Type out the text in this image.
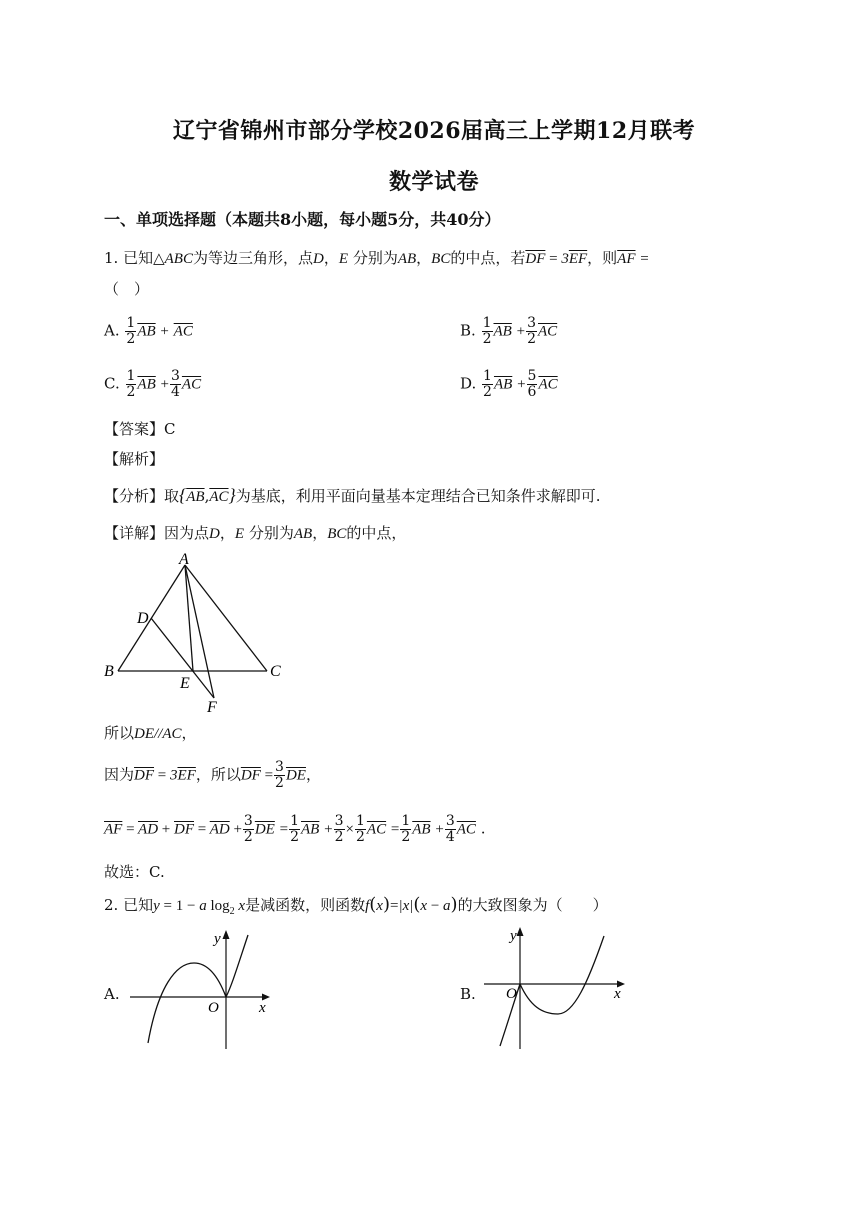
辽宁省锦州市部分学校2026届高三上学期12月联考
数学试卷
一、单项选择题（本题共8小题，每小题5分，共40分）
1. 已知△ABC为等边三角形，点D，E 分别为AB，BC的中点，若$\overline{DF} = 3\overline{EF}$，则$\overline{AF}$ =
（　）
A. $\frac{1}{2} \overline{AB} + \overline{AC}$	B. $\frac{1}{2} \overline{AB} + \frac{3}{2} \overline{AC}$
C. $\frac{1}{2} \overline{AB} + \frac{3}{4} \overline{AC}$	D. $\frac{1}{2} \overline{AB} + \frac{5}{6} \overline{AC}$
【答案】C
【解析】
【分析】取$\{\overline{AB},\overline{AC}\}$为基底，利用平面向量基本定理结合已知条件求解即可.
【详解】因为点D，E 分别为AB，BC的中点，
A
D
B
E
C
F
所以DE//AC，
因为$\overline{DF} = 3\overline{EF}$，所以$\overline{DF} = \frac{3}{2} \overline{DE}$，
$\overline{AF} = \overline{AD} + \overline{DF} = \overline{AD} + \frac{3}{2} \overline{DE} = \frac{1}{2} \overline{AB} + \frac{3}{2} \times \frac{1}{2} \overline{AC} = \frac{1}{2} \overline{AB} + \frac{3}{4} \overline{AC}$ .
故选：C.
2. 已知y = 1 − a $\log_2 x$是减函数，则函数f(x)=|x|(x − a)的大致图象为（　　）
A.
y
x
O
B.
y
x
O
